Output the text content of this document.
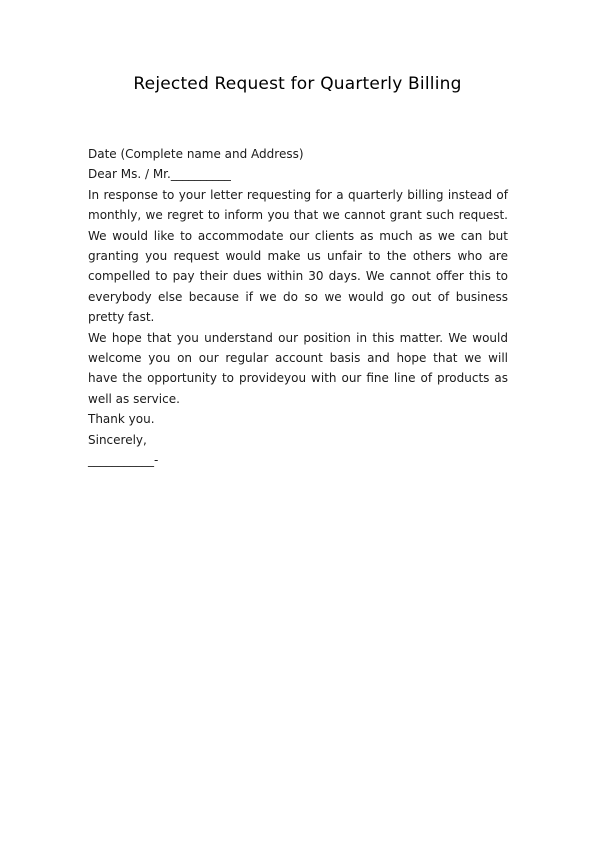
Rejected Request for Quarterly Billing
Date (Complete name and Address)
Dear Ms. / Mr.__________
In response to your letter requesting for a quarterly billing instead of monthly, we regret to inform you that we cannot grant such request. We would like to accommodate our clients as much as we can but granting you request would make us unfair to the others who are compelled to pay their dues within 30 days. We cannot offer this to everybody else because if we do so we would go out of business pretty fast.
We hope that you understand our position in this matter. We would welcome you on our regular account basis and hope that we will have the opportunity to provideyou with our fine line of products as well as service.
Thank you.
Sincerely,
___________-
